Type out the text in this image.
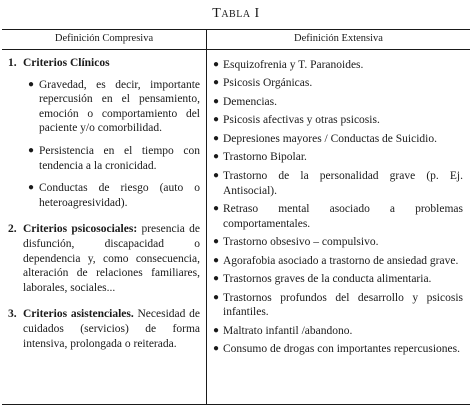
Tabla I
Definición Compresiva	Definición Extensiva
1. Criterios Clínicos
● Gravedad, es decir, importante repercusión en el pensamiento, emoción o comportamiento del paciente y/o comorbilidad.
● Persistencia en el tiempo con tendencia a la cronicidad.
● Conductas de riesgo (auto o heteroagresividad).
2. Criterios psicosociales: presencia de disfunción, discapacidad o dependencia y, como consecuencia, alteración de relaciones familiares, laborales, sociales...
3. Criterios asistenciales. Necesidad de cuidados (servicios) de forma intensiva, prolongada o reiterada.
● Esquizofrenia y T. Paranoides.
● Psicosis Orgánicas.
● Demencias.
● Psicosis afectivas y otras psicosis.
● Depresiones mayores / Conductas de Suicidio.
● Trastorno Bipolar.
● Trastorno de la personalidad grave (p. Ej. Antisocial).
● Retraso mental asociado a problemas comportamentales.
● Trastorno obsesivo – compulsivo.
● Agorafobia asociado a trastorno de ansiedad grave.
● Trastornos graves de la conducta alimentaria.
● Trastornos profundos del desarrollo y psicosis infantiles.
● Maltrato infantil /abandono.
● Consumo de drogas con importantes repercusiones.
